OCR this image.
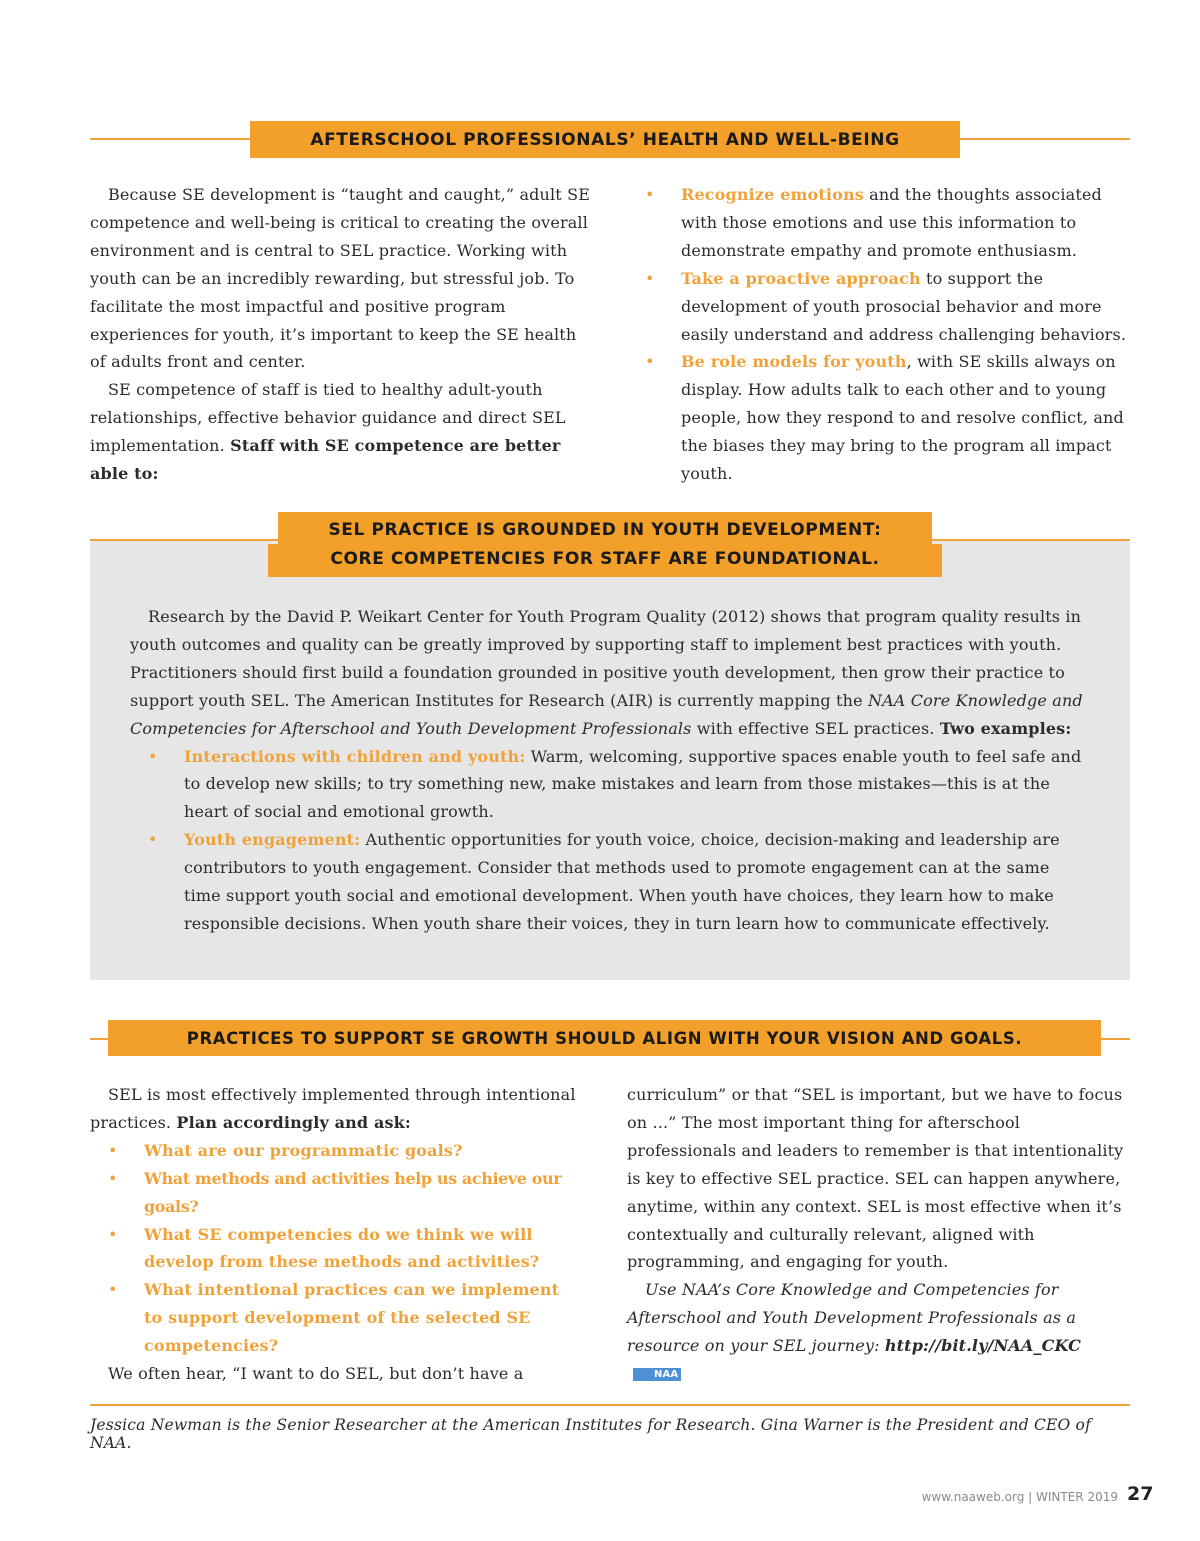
AFTERSCHOOL PROFESSIONALS’ HEALTH AND WELL-BEING

Because SE development is “taught and caught,” adult SE competence and well-being is critical to creating the overall environment and is central to SEL practice. Working with youth can be an incredibly rewarding, but stressful job. To facilitate the most impactful and positive program experiences for youth, it’s important to keep the SE health of adults front and center.

SE competence of staff is tied to healthy adult-youth relationships, effective behavior guidance and direct SEL implementation. Staff with SE competence are better able to:

• Recognize emotions and the thoughts associated with those emotions and use this information to demonstrate empathy and promote enthusiasm.
• Take a proactive approach to support the development of youth prosocial behavior and more easily understand and address challenging behaviors.
• Be role models for youth, with SE skills always on display. How adults talk to each other and to young people, how they respond to and resolve conflict, and the biases they may bring to the program all impact youth.
SEL PRACTICE IS GROUNDED IN YOUTH DEVELOPMENT:
CORE COMPETENCIES FOR STAFF ARE FOUNDATIONAL.

Research by the David P. Weikart Center for Youth Program Quality (2012) shows that program quality results in youth outcomes and quality can be greatly improved by supporting staff to implement best practices with youth. Practitioners should first build a foundation grounded in positive youth development, then grow their practice to support youth SEL. The American Institutes for Research (AIR) is currently mapping the NAA Core Knowledge and Competencies for Afterschool and Youth Development Professionals with effective SEL practices. Two examples:

• Interactions with children and youth: Warm, welcoming, supportive spaces enable youth to feel safe and to develop new skills; to try something new, make mistakes and learn from those mistakes—this is at the heart of social and emotional growth.
• Youth engagement: Authentic opportunities for youth voice, choice, decision-making and leadership are contributors to youth engagement. Consider that methods used to promote engagement can at the same time support youth social and emotional development. When youth have choices, they learn how to make responsible decisions. When youth share their voices, they in turn learn how to communicate effectively.
PRACTICES TO SUPPORT SE GROWTH SHOULD ALIGN WITH YOUR VISION AND GOALS.

SEL is most effectively implemented through intentional practices. Plan accordingly and ask:

• What are our programmatic goals?
• What methods and activities help us achieve our goals?
• What SE competencies do we think we will develop from these methods and activities?
• What intentional practices can we implement to support development of the selected SE competencies?

We often hear, “I want to do SEL, but don’t have a

curriculum” or that “SEL is important, but we have to focus on ...” The most important thing for afterschool professionals and leaders to remember is that intentionality is key to effective SEL practice. SEL can happen anywhere, anytime, within any context. SEL is most effective when it’s contextually and culturally relevant, aligned with programming, and engaging for youth.

Use NAA’s Core Knowledge and Competencies for Afterschool and Youth Development Professionals as a resource on your SEL journey: http://bit.ly/NAA_CKCNAA

Jessica Newman is the Senior Researcher at the American Institutes for Research. Gina Warner is the President and CEO of NAA.
www.naaweb.org | WINTER 2019 27
